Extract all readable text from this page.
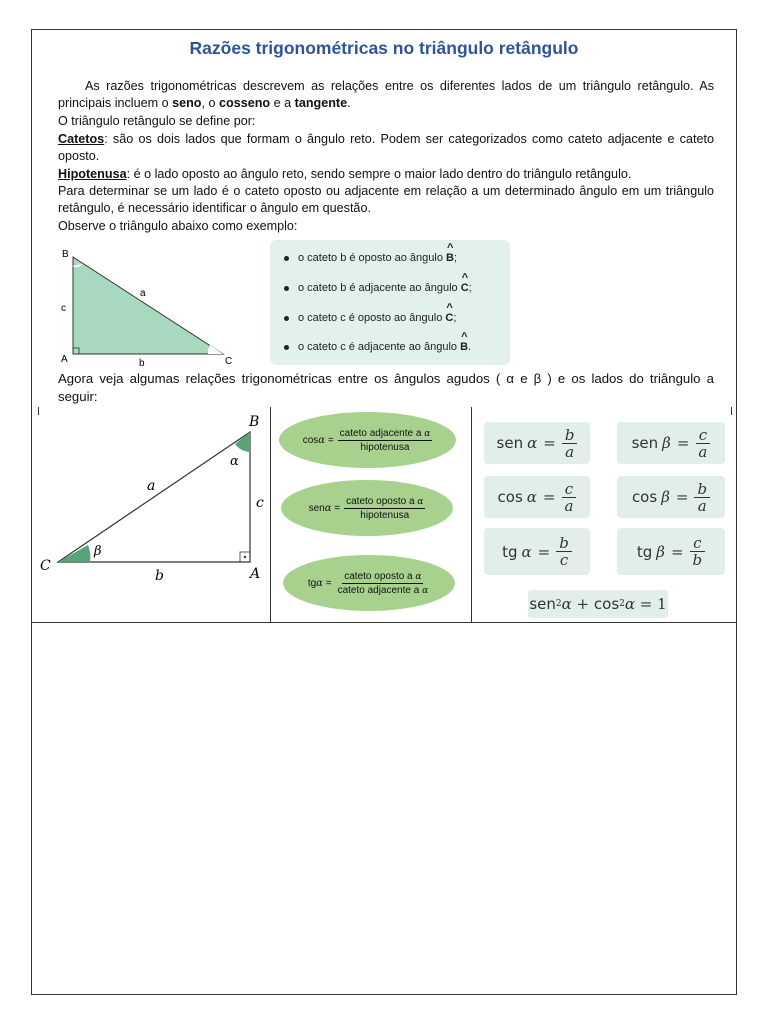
Razões trigonométricas no triângulo retângulo
As razões trigonométricas descrevem as relações entre os diferentes lados de um triângulo retângulo. As principais incluem o seno, o cosseno e a tangente.
O triângulo retângulo se define por:
Catetos: são os dois lados que formam o ângulo reto. Podem ser categorizados como cateto adjacente e cateto oposto.
Hipotenusa: é o lado oposto ao ângulo reto, sendo sempre o maior lado dentro do triângulo retângulo.
Para determinar se um lado é o cateto oposto ou adjacente em relação a um determinado ângulo em um triângulo retângulo, é necessário identificar o ângulo em questão.
Observe o triângulo abaixo como exemplo:
B
A	C
a
b
c
o cateto b é oposto ao ângulo ^ B;
o cateto b é adjacente ao ângulo ^ C;
o cateto c é oposto ao ângulo ^ C;
o cateto c é adjacente ao ângulo ^ B.
Agora veja algumas relações trigonométricas entre os ângulos agudos ( α e β ) e os lados do triângulo a
seguir:
B
A
C
a
b
c
α
β
$\cos\alpha = \frac{\text{cateto adjacente a α}}{\text{hipotenusa}}$
$sen\alpha = \frac{\text{cateto oposto a α}}{\text{hipotenusa}}$
$tg\alpha = \frac{\text{cateto oposto a α}}{\text{cateto adjacente a α}}$
sen $\alpha = \frac{b}{a}$	sen $\beta = \frac{c}{a}$
$\cos \alpha = \frac{c}{a}$	$\cos \beta = \frac{b}{a}$
tg $\alpha = \frac{b}{c}$	tg $\beta = \frac{c}{b}$
sen 2 α
+
cos 2 α
= 1
